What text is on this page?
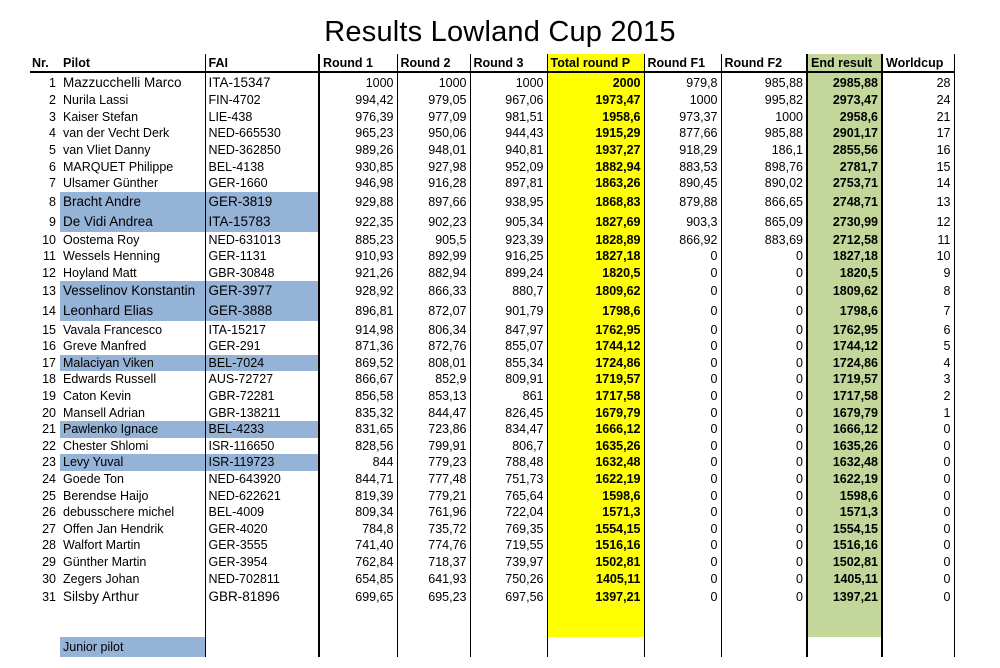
Results Lowland Cup 2015
Nr.	Pilot	FAI	Round 1	Round 2	Round 3	Total round P	Round F1	Round F2	End result	Worldcup
1	Mazzucchelli Marco	ITA-15347	1000	1000	1000	2000	979,8	985,88	2985,88	28
2	Nurila Lassi	FIN-4702	994,42	979,05	967,06	1973,47	1000	995,82	2973,47	24
3	Kaiser Stefan	LIE-438	976,39	977,09	981,51	1958,6	973,37	1000	2958,6	21
4	van der Vecht Derk	NED-665530	965,23	950,06	944,43	1915,29	877,66	985,88	2901,17	17
5	van Vliet Danny	NED-362850	989,26	948,01	940,81	1937,27	918,29	186,1	2855,56	16
6	MARQUET Philippe	BEL-4138	930,85	927,98	952,09	1882,94	883,53	898,76	2781,7	15
7	Ulsamer Günther	GER-1660	946,98	916,28	897,81	1863,26	890,45	890,02	2753,71	14
8	Bracht Andre	GER-3819	929,88	897,66	938,95	1868,83	879,88	866,65	2748,71	13
9	De Vidi Andrea	ITA-15783	922,35	902,23	905,34	1827,69	903,3	865,09	2730,99	12
10	Oostema Roy	NED-631013	885,23	905,5	923,39	1828,89	866,92	883,69	2712,58	11
11	Wessels Henning	GER-1131	910,93	892,99	916,25	1827,18	0	0	1827,18	10
12	Hoyland Matt	GBR-30848	921,26	882,94	899,24	1820,5	0	0	1820,5	9
13	Vesselinov Konstantin	GER-3977	928,92	866,33	880,7	1809,62	0	0	1809,62	8
14	Leonhard Elias	GER-3888	896,81	872,07	901,79	1798,6	0	0	1798,6	7
15	Vavala Francesco	ITA-15217	914,98	806,34	847,97	1762,95	0	0	1762,95	6
16	Greve Manfred	GER-291	871,36	872,76	855,07	1744,12	0	0	1744,12	5
17	Malaciyan Viken	BEL-7024	869,52	808,01	855,34	1724,86	0	0	1724,86	4
18	Edwards Russell	AUS-72727	866,67	852,9	809,91	1719,57	0	0	1719,57	3
19	Caton Kevin	GBR-72281	856,58	853,13	861	1717,58	0	0	1717,58	2
20	Mansell Adrian	GBR-138211	835,32	844,47	826,45	1679,79	0	0	1679,79	1
21	Pawlenko Ignace	BEL-4233	831,65	723,86	834,47	1666,12	0	0	1666,12	0
22	Chester Shlomi	ISR-116650	828,56	799,91	806,7	1635,26	0	0	1635,26	0
23	Levy Yuval	ISR-119723	844	779,23	788,48	1632,48	0	0	1632,48	0
24	Goede Ton	NED-643920	844,71	777,48	751,73	1622,19	0	0	1622,19	0
25	Berendse Haijo	NED-622621	819,39	779,21	765,64	1598,6	0	0	1598,6	0
26	debusschere michel	BEL-4009	809,34	761,96	722,04	1571,3	0	0	1571,3	0
27	Offen Jan Hendrik	GER-4020	784,8	735,72	769,35	1554,15	0	0	1554,15	0
28	Walfort Martin	GER-3555	741,40	774,76	719,55	1516,16	0	0	1516,16	0
29	Günther Martin	GER-3954	762,84	718,37	739,97	1502,81	0	0	1502,81	0
30	Zegers Johan	NED-702811	654,85	641,93	750,26	1405,11	0	0	1405,11	0
31	Silsby Arthur	GBR-81896	699,65	695,23	697,56	1397,21	0	0	1397,21	0

	Junior pilot									
